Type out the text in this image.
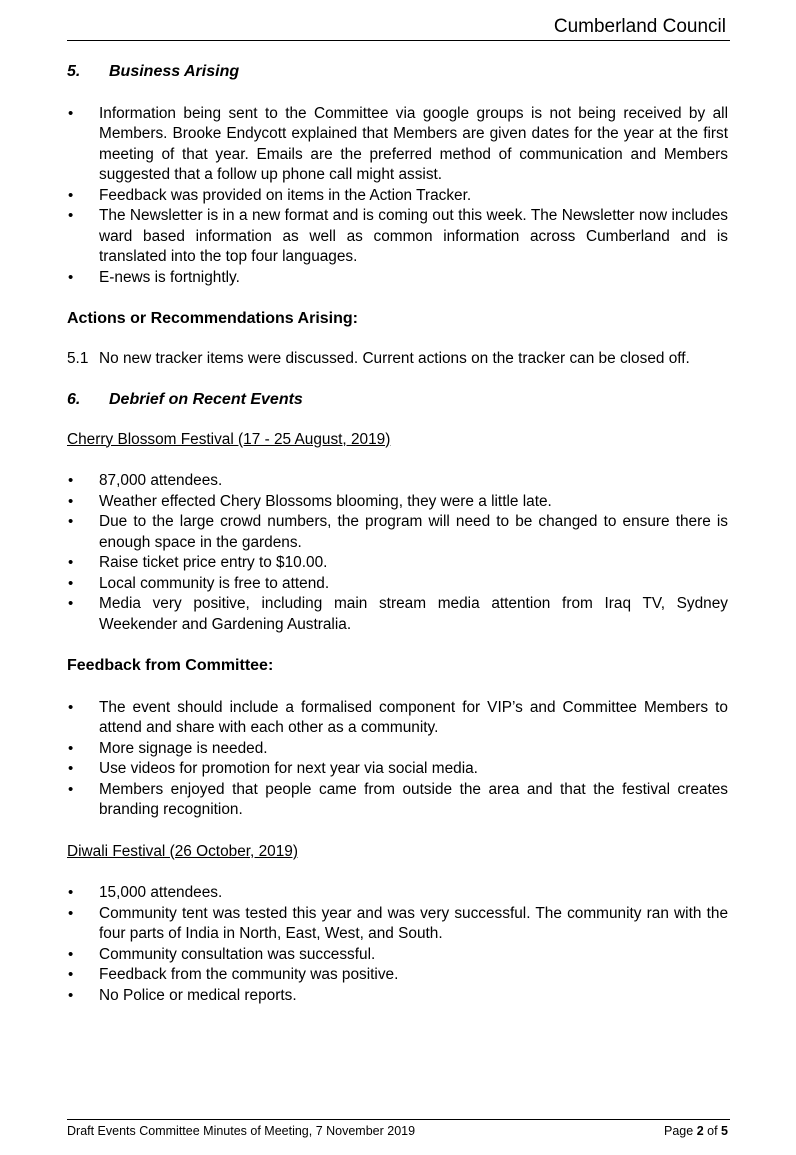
Cumberland Council
5.	Business Arising
• Information being sent to the Committee via google groups is not being received by all Members. Brooke Endycott explained that Members are given dates for the year at the first meeting of that year. Emails are the preferred method of communication and Members suggested that a follow up phone call might assist.
• Feedback was provided on items in the Action Tracker.
• The Newsletter is in a new format and is coming out this week. The Newsletter now includes ward based information as well as common information across Cumberland and is translated into the top four languages.
• E-news is fortnightly.

Actions or Recommendations Arising:

5.1 No new tracker items were discussed. Current actions on the tracker can be closed off.
6.	Debrief on Recent Events

Cherry Blossom Festival (17 - 25 August, 2019)

• 87,000 attendees.
• Weather effected Chery Blossoms blooming, they were a little late.
• Due to the large crowd numbers, the program will need to be changed to ensure there is enough space in the gardens.
• Raise ticket price entry to $10.00.
• Local community is free to attend.
• Media very positive, including main stream media attention from Iraq TV, Sydney Weekender and Gardening Australia.

Feedback from Committee:

• The event should include a formalised component for VIP’s and Committee Members to attend and share with each other as a community.
• More signage is needed.
• Use videos for promotion for next year via social media.
• Members enjoyed that people came from outside the area and that the festival creates branding recognition.

Diwali Festival (26 October, 2019)

• 15,000 attendees.
• Community tent was tested this year and was very successful. The community ran with the four parts of India in North, East, West, and South.
• Community consultation was successful.
• Feedback from the community was positive.
• No Police or medical reports.
Draft Events Committee Minutes of Meeting, 7 November 2019	Page 2 of 5
